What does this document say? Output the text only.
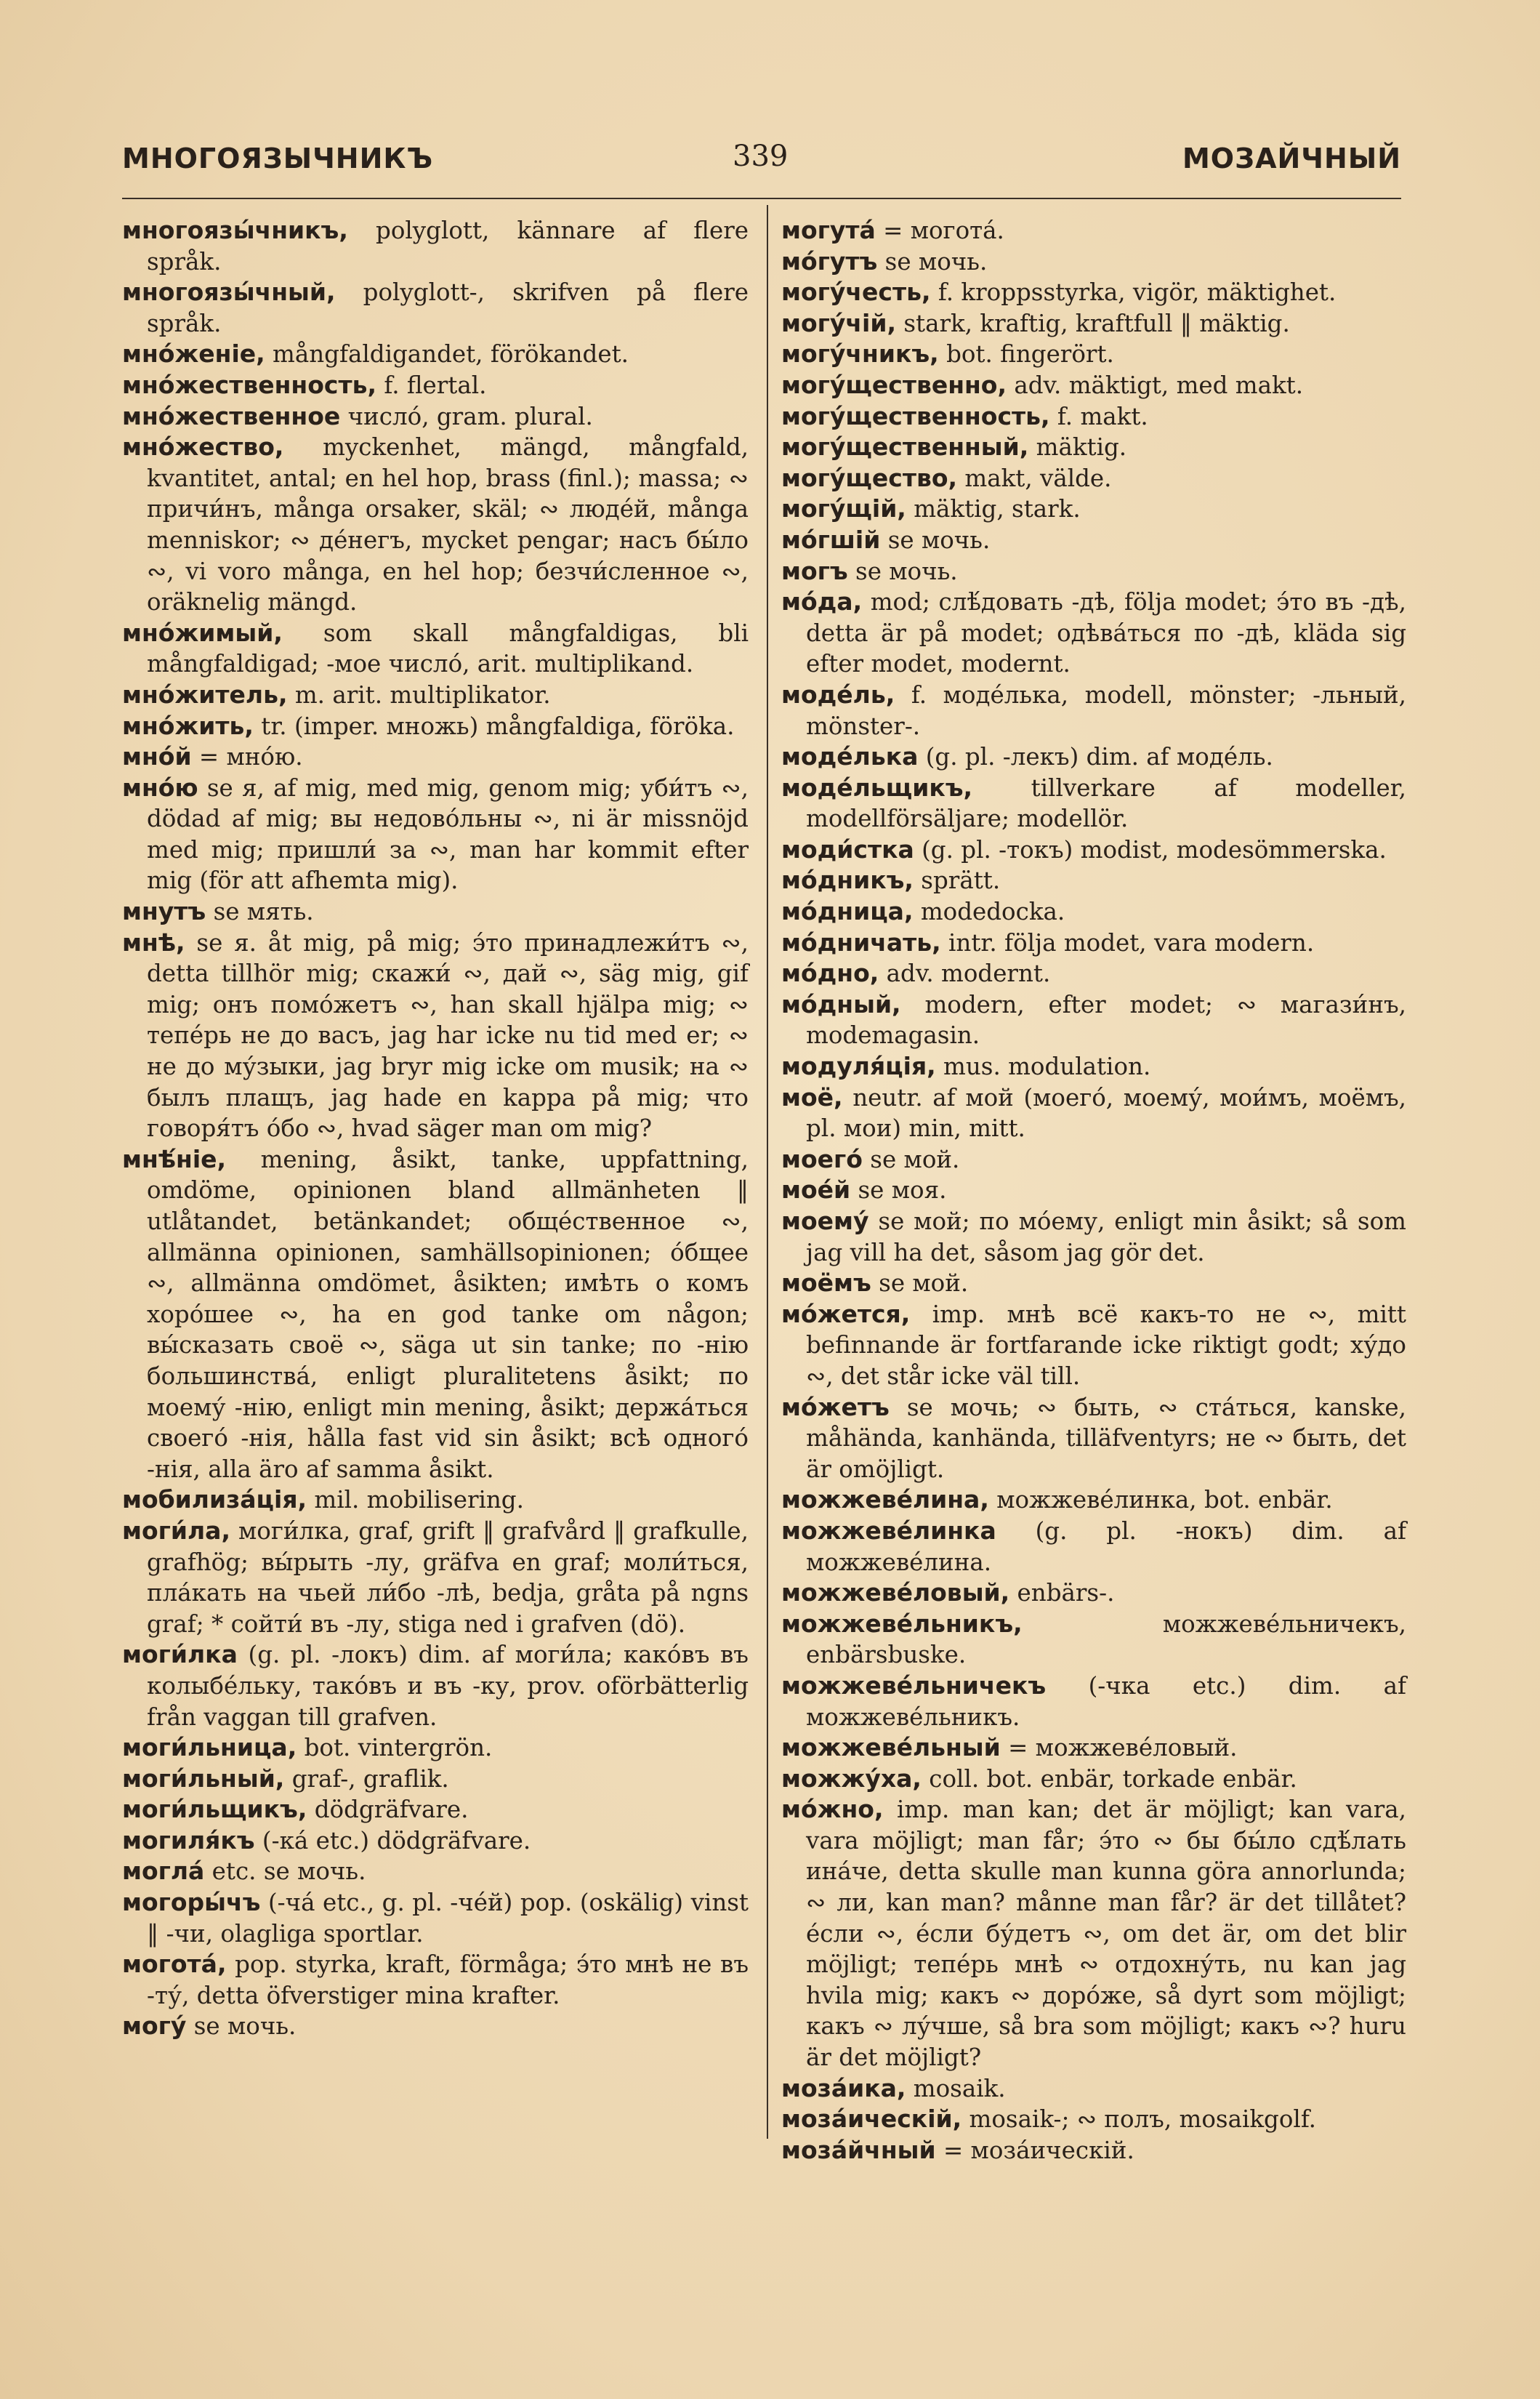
МНОГОЯЗЫЧНИКЪ	339	МОЗАЙЧНЫЙ

многоязы́чникъ, polyglott, kännare af flere språk.

многоязы́чный, polyglott-, skrifven på flere språk.

мно́женіе, mångfaldigandet, förökandet.

мно́жественность, f. flertal.

мно́жественное число́, gram. plural.

мно́жество, myckenhet, mängd, mångfald, kvantitet, antal; en hel hop, brass (finl.); massa; ∾ причи́нъ, många orsaker, skäl; ∾ людéй, många menniskor; ∾ дéнегъ, mycket pengar; насъ бы́ло ∾, vi voro många, en hel hop; безчи́сленное ∾, oräknelig mängd.

мно́жимый, som skall mångfaldigas, bli mångfaldigad; -мое число́, arit. multiplikand.

мно́житель, m. arit. multiplikator.

мно́жить, tr. (imper. множь) mångfaldiga, föröka.

мно́й = мно́ю.

мно́ю se я, af mig, med mig, genom mig; уби́тъ ∾, dödad af mig; вы недово́льны ∾, ni är missnöjd med mig; пришли́ за ∾, man har kommit efter mig (för att afhemta mig).

мнутъ se мять.

мнѣ, se я. åt mig, på mig; э́то принадлежи́тъ ∾, detta tillhör mig; скажи́ ∾, дай ∾, säg mig, gif mig; онъ помо́жетъ ∾, han skall hjälpa mig; ∾ тепéрь не до васъ, jag har icke nu tid med er; ∾ не до му́зыки, jag bryr mig icke om musik; на ∾ былъ плащъ, jag hade en kappa på mig; что говоря́тъ о́бо ∾, hvad säger man om mig?

мнѣ́ніе, mening, åsikt, tanke, uppfattning, omdöme, opinionen bland allmänheten ‖ utlåtandet, betänkandet; общéственное ∾, allmänna opinionen, samhällsopinionen; о́бщее ∾, allmänna omdömet, åsikten; имѣть о комъ хоро́шее ∾, ha en god tanke om någon; вы́сказать своё ∾, säga ut sin tanke; по -нію большинства́, enligt pluralitetens åsikt; по моему́ -нію, enligt min mening, åsikt; держа́ться своего́ -нія, hålla fast vid sin åsikt; всѣ одного́ -нія, alla äro af samma åsikt.

мобилиза́ція, mil. mobilisering.

моги́ла, моги́лка, graf, grift ‖ grafvård ‖ grafkulle, grafhög; вы́рыть -лу, gräfva en graf; моли́ться, пла́кать на чьей ли́бо -лѣ, bedja, gråta på ngns graf; * сойти́ въ -лу, stiga ned i grafven (dö).

моги́лка (g. pl. -локъ) dim. af моги́ла; како́въ въ колыбéльку, тако́въ и въ -ку, prov. oförbätterlig från vaggan till grafven.

моги́льница, bot. vintergrön.

моги́льный, graf-, graflik.

моги́льщикъ, dödgräfvare.

могиля́къ (-ка́ etc.) dödgräfvare.

могла́ etc. se мочь.

могоры́чъ (-ча́ etc., g. pl. -чéй) pop. (oskälig) vinst ‖ -чи, olagliga sportlar.

могота́, pop. styrka, kraft, förmåga; э́то мнѣ не въ -ту́, detta öfverstiger mina krafter.

могу́ se мочь.

могута́ = могота́.

мо́гутъ se мочь.

могу́честь, f. kroppsstyrka, vigör, mäktighet.

могу́чій, stark, kraftig, kraftfull ‖ mäktig.

могу́чникъ, bot. fingerört.

могу́щественно, adv. mäktigt, med makt.

могу́щественность, f. makt.

могу́щественный, mäktig.

могу́щество, makt, välde.

могу́щій, mäktig, stark.

мо́гшій se мочь.

могъ se мочь.

мо́да, mod; слѣ́довать -дѣ, följa modet; э́то въ -дѣ, detta är på modet; одѣва́ться по -дѣ, kläda sig efter modet, modernt.

модéль, f. модéлька, modell, mönster; -льный, mönster-.

модéлька (g. pl. -лекъ) dim. af модéль.

модéльщикъ, tillverkare af modeller, modellförsäljare; modellör.

моди́стка (g. pl. -токъ) modist, modesömmerska.

мо́дникъ, sprätt.

мо́дница, modedocka.

мо́дничать, intr. följa modet, vara modern.

мо́дно, adv. modernt.

мо́дный, modern, efter modet; ∾ магази́нъ, modemagasin.

модуля́ція, mus. modulation.

моё, neutr. af мой (моего́, моему́, мои́мъ, моёмъ, pl. мои) min, mitt.

моего́ se мой.

моéй se моя.

моему́ se мой; по мо́ему, enligt min åsikt; så som jag vill ha det, såsom jag gör det.

моёмъ se мой.

мо́жется, imp. мнѣ всё какъ-то не ∾, mitt befinnande är fortfarande icke riktigt godt; ху́до ∾, det står icke väl till.

мо́жетъ se мочь; ∾ быть, ∾ ста́ться, kanske, måhända, kanhända, tilläfventyrs; не ∾ быть, det är omöjligt.

можжевéлина, можжевéлинка, bot. enbär.

можжевéлинка (g. pl. -нокъ) dim. af можжевéлина.

можжевéловый, enbärs-.

можжевéльникъ,	можжевéльничекъ, enbärsbuske.

можжевéльничекъ (-чка etc.) dim. af можжевéльникъ.

можжевéльный = можжевéловый.

можжу́ха, coll. bot. enbär, torkade enbär.

мо́жно, imp. man kan; det är möjligt; kan vara, vara möjligt; man får; э́то ∾ бы бы́ло сдѣ́лать ина́че, detta skulle man kunna göra annorlunda; ∾ ли, kan man? månne man får? är det tillåtet? éсли ∾, éсли бу́детъ ∾, om det är, om det blir möjligt; тепéрь мнѣ ∾ отдохну́ть, nu kan jag hvila mig; какъ ∾ доро́же, så dyrt som möjligt; какъ ∾ лу́чше, så bra som möjligt; какъ ∾? huru är det möjligt?

моза́ика, mosaik.

моза́ическій, mosaik-; ∾ полъ, mosaikgolf.

моза́йчный = моза́ическій.
